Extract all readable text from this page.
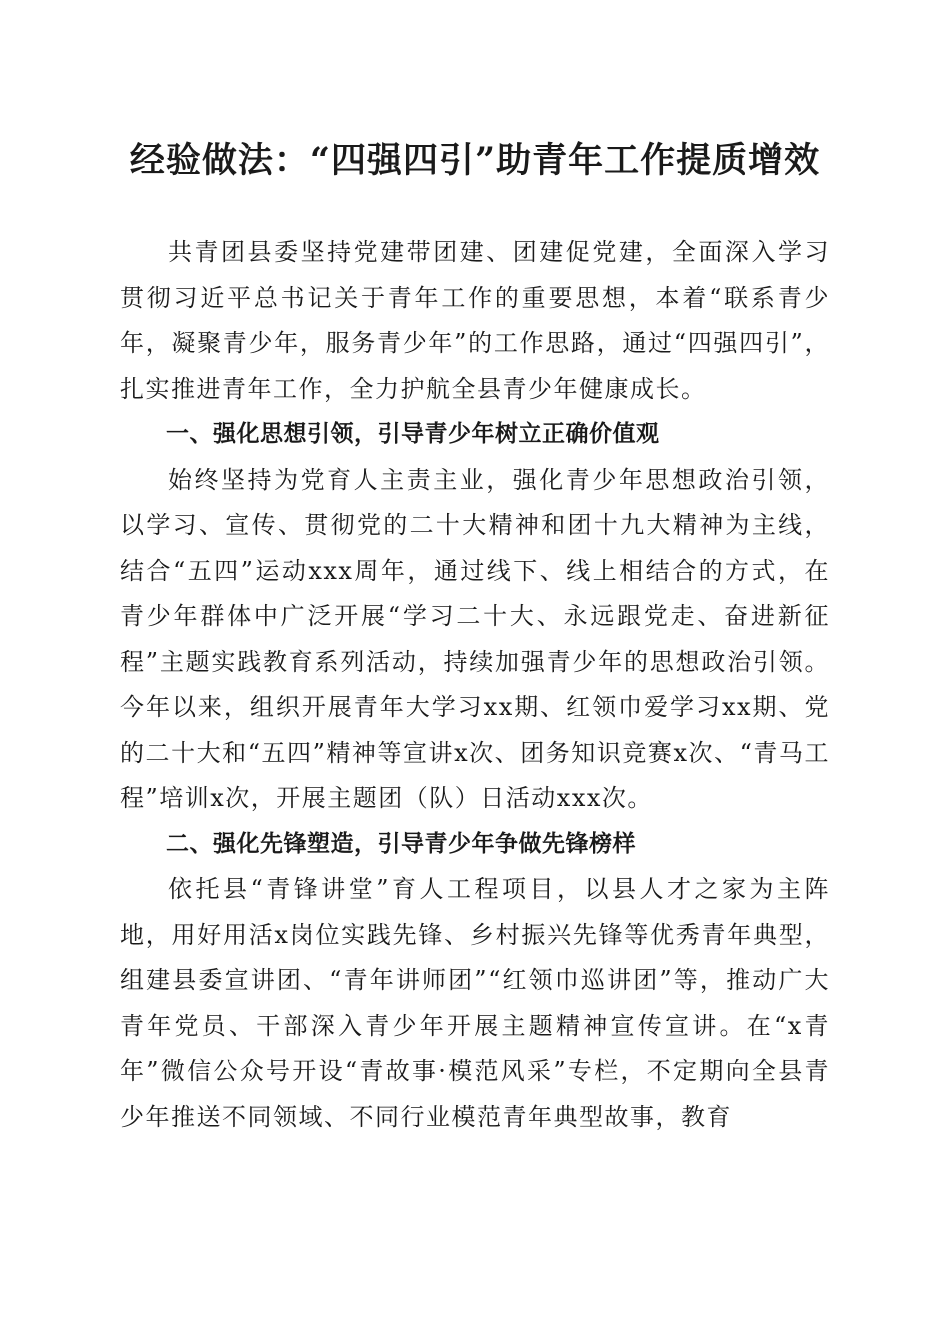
经验做法：“四强四引”助青年工作提质增效

共青团县委坚持党建带团建、团建促党建，全面深入学习贯彻习近平总书记关于青年工作的重要思想，本着“联系青少年，凝聚青少年，服务青少年”的工作思路，通过“四强四引”，扎实推进青年工作，全力护航全县青少年健康成长。

一、强化思想引领，引导青少年树立正确价值观

始终坚持为党育人主责主业，强化青少年思想政治引领，以学习、宣传、贯彻党的二十大精神和团十九大精神为主线，结合“五四”运动xxx周年，通过线下、线上相结合的方式，在青少年群体中广泛开展“学习二十大、永远跟党走、奋进新征程”主题实践教育系列活动，持续加强青少年的思想政治引领。今年以来，组织开展青年大学习xx期、红领巾爱学习xx期、党的二十大和“五四”精神等宣讲x次、团务知识竞赛x次、“青马工程”培训x次，开展主题团（队）日活动xxx次。

二、强化先锋塑造，引导青少年争做先锋榜样

依托县“青锋讲堂”育人工程项目，以县人才之家为主阵地，用好用活x岗位实践先锋、乡村振兴先锋等优秀青年典型，组建县委宣讲团、“青年讲师团”“红领巾巡讲团”等，推动广大青年党员、干部深入青少年开展主题精神宣传宣讲。在“x青年”微信公众号开设“青故事·模范风采”专栏，不定期向全县青少年推送不同领域、不同行业模范青年典型故事，教育
